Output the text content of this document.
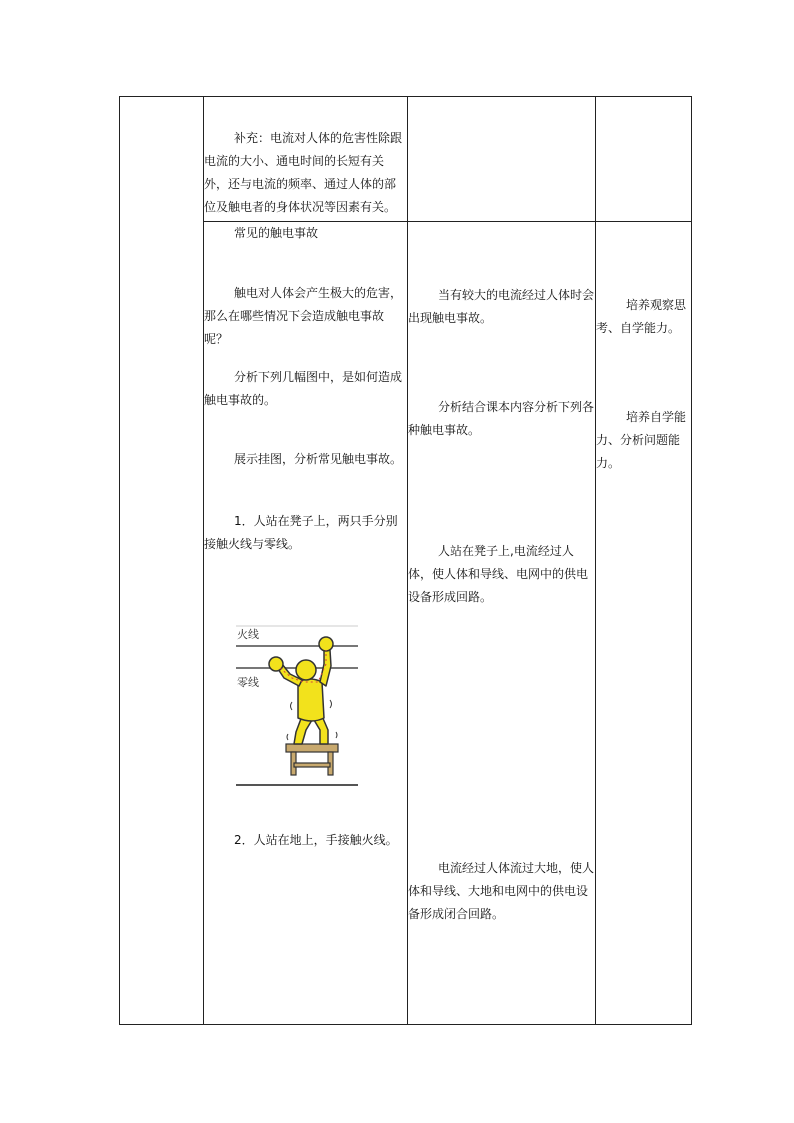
补充：电流对人体的危害性除跟电流的大小、通电时间的长短有关外，还与电流的频率、通过人体的部位及触电者的身体状况等因素有关。
常见的触电事故
触电对人体会产生极大的危害，那么在哪些情况下会造成触电事故呢？
分析下列几幅图中，是如何造成触电事故的。
展示挂图，分析常见触电事故。
1．人站在凳子上，两只手分别接触火线与零线。
火线
零线
2．人站在地上，手接触火线。
当有较大的电流经过人体时会出现触电事故。
分析结合课本内容分析下列各种触电事故。
人站在凳子上,电流经过人体，使人体和导线、电网中的供电设备形成回路。
电流经过人体流过大地，使人体和导线、大地和电网中的供电设备形成闭合回路。
培养观察思考、自学能力。
培养自学能力、分析问题能力。
